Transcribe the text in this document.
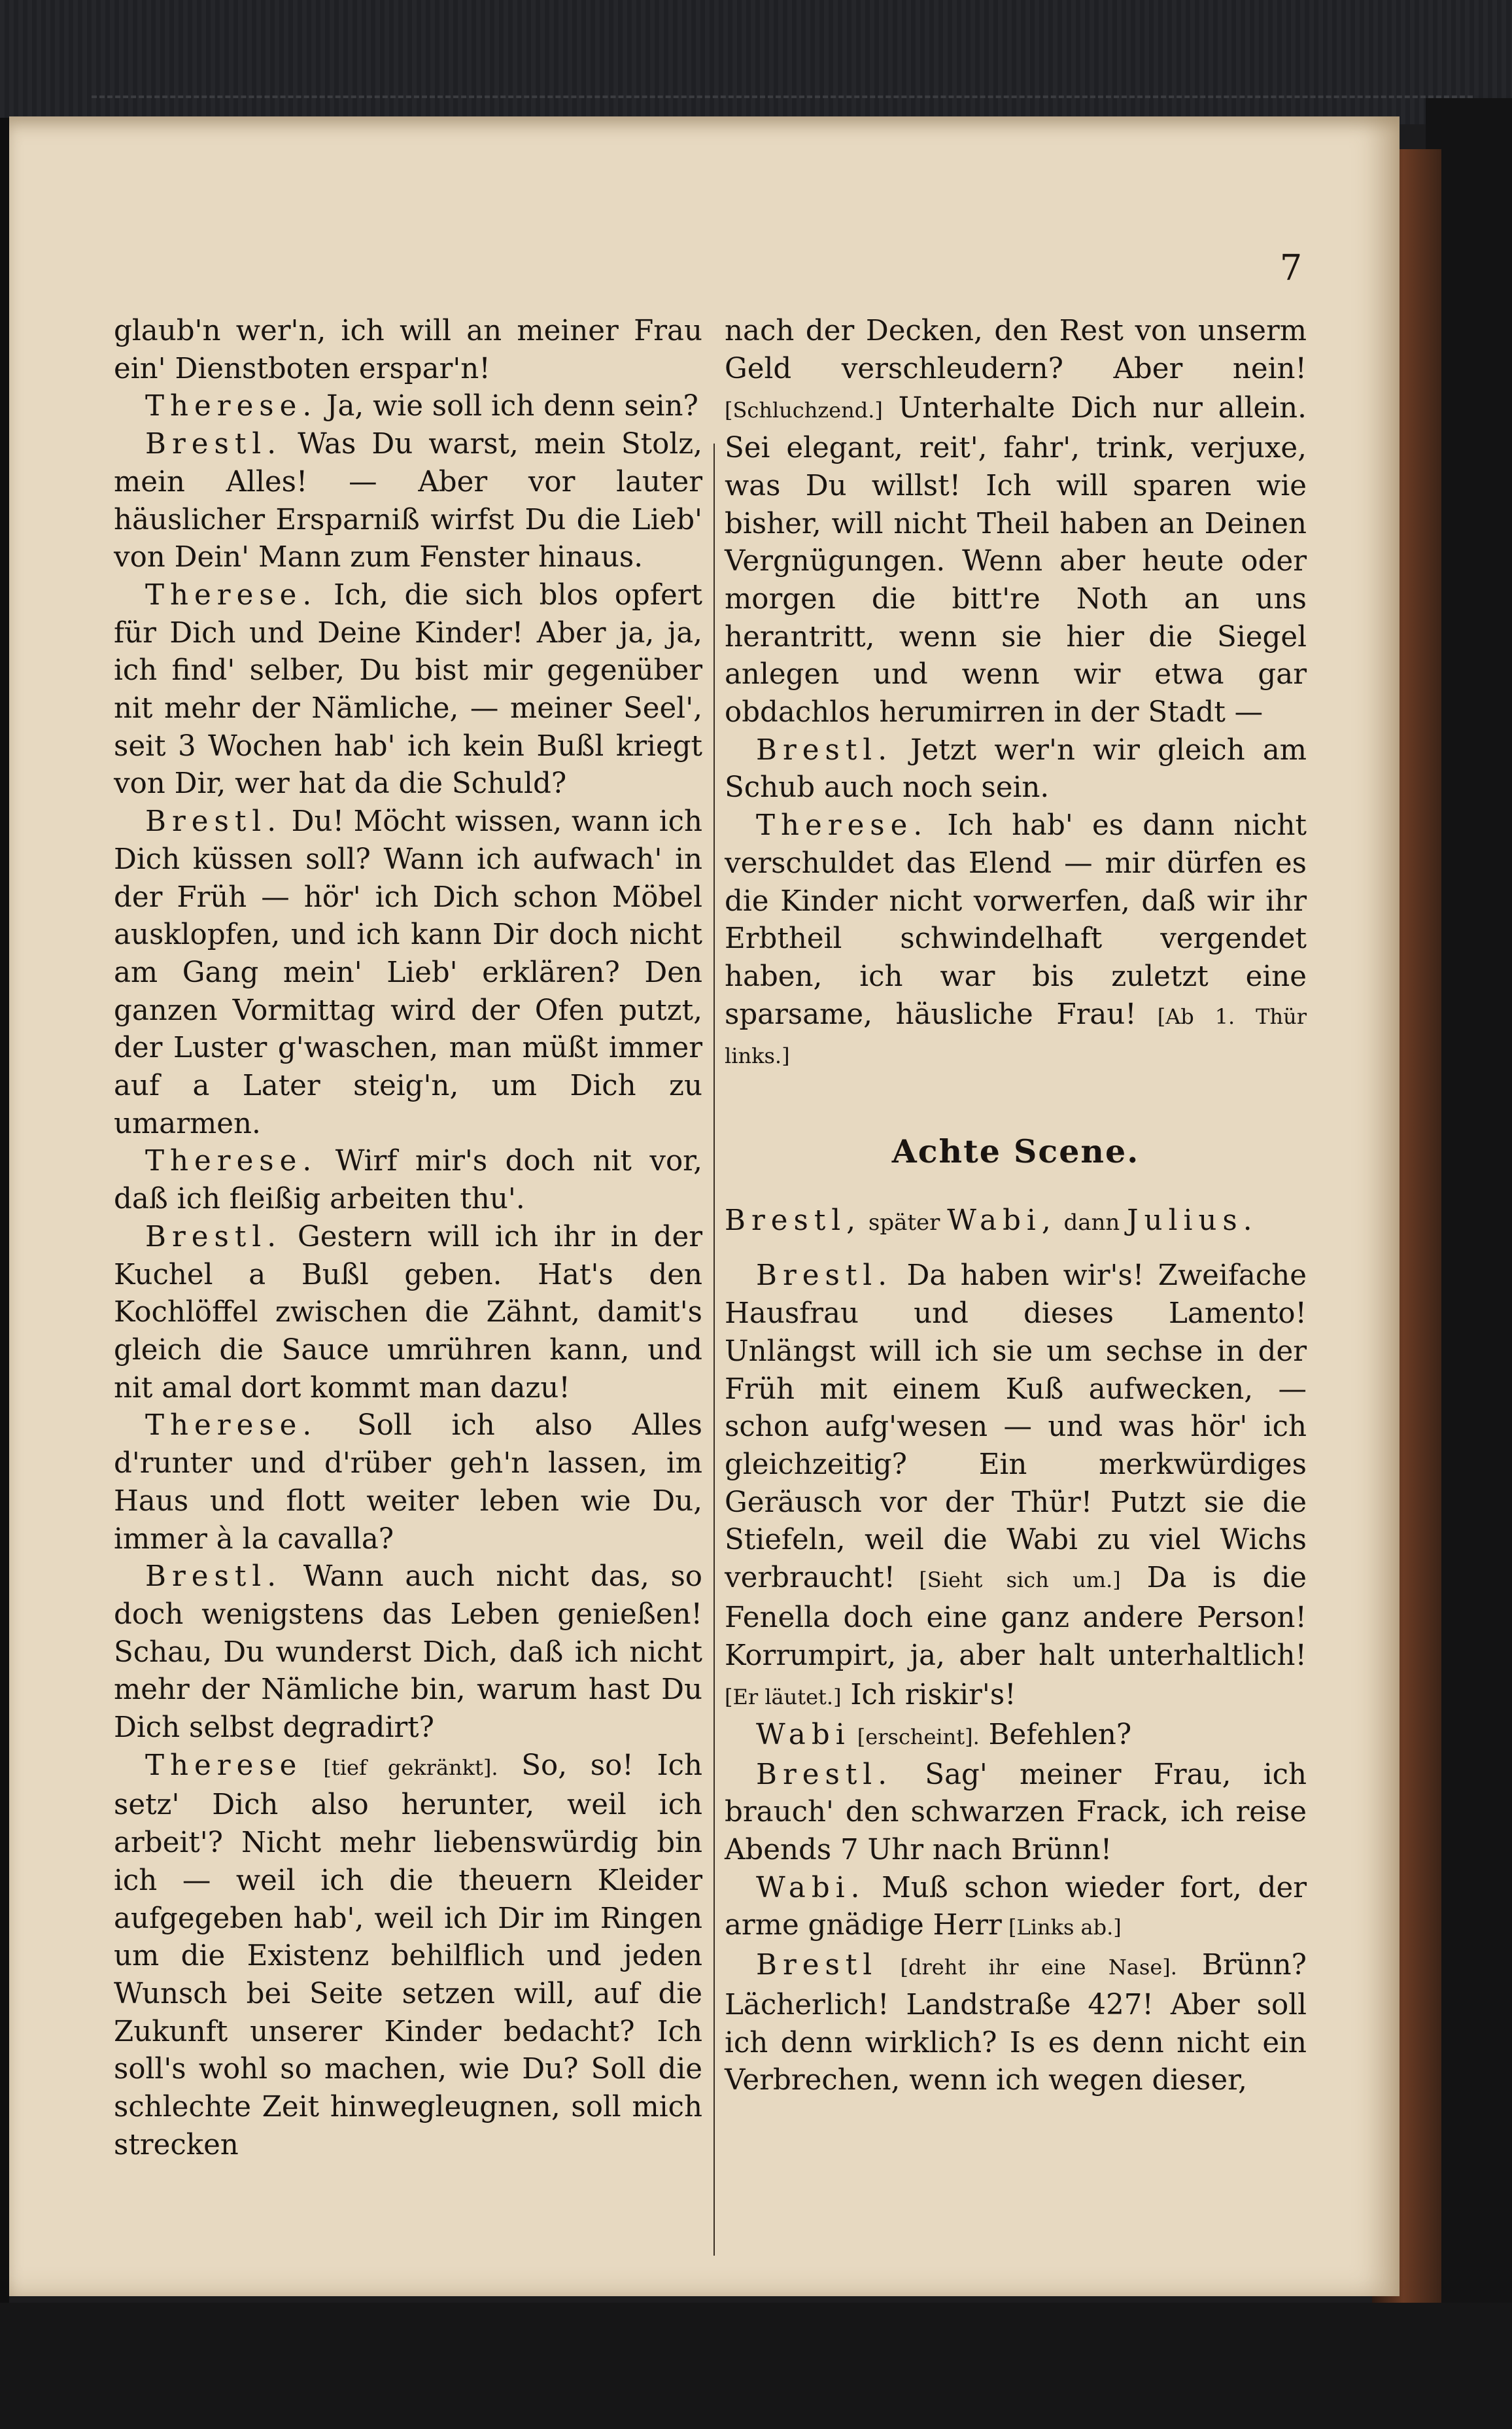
7

glaub'n wer'n, ich will an meiner Frau ein' Dienstboten erspar'n!

Therese. Ja, wie soll ich denn sein?

Brestl. Was Du warst, mein Stolz, mein Alles! — Aber vor lauter häuslicher Ersparniß wirfst Du die Lieb' von Dein' Mann zum Fenster hinaus.

Therese. Ich, die sich blos opfert für Dich und Deine Kinder! Aber ja, ja, ich find' selber, Du bist mir gegenüber nit mehr der Nämliche, — meiner Seel', seit 3 Wochen hab' ich kein Bußl kriegt von Dir, wer hat da die Schuld?

Brestl. Du! Möcht wissen, wann ich Dich küssen soll? Wann ich aufwach' in der Früh — hör' ich Dich schon Möbel ausklopfen, und ich kann Dir doch nicht am Gang mein' Lieb' erklären? Den ganzen Vormittag wird der Ofen putzt, der Luster g'waschen, man müßt immer auf a Later steig'n, um Dich zu umarmen.

Therese. Wirf mir's doch nit vor, daß ich fleißig arbeiten thu'.

Brestl. Gestern will ich ihr in der Kuchel a Bußl geben. Hat's den Kochlöffel zwischen die Zähnt, damit's gleich die Sauce umrühren kann, und nit amal dort kommt man dazu!

Therese. Soll ich also Alles d'runter und d'rüber geh'n lassen, im Haus und flott weiter leben wie Du, immer à la cavalla?

Brestl. Wann auch nicht das, so doch wenigstens das Leben genießen! Schau, Du wunderst Dich, daß ich nicht mehr der Nämliche bin, warum hast Du Dich selbst degradirt?

Therese [tief gekränkt]. So, so! Ich setz' Dich also herunter, weil ich arbeit'? Nicht mehr liebenswürdig bin ich — weil ich die theuern Kleider aufgegeben hab', weil ich Dir im Ringen um die Existenz behilflich und jeden Wunsch bei Seite setzen will, auf die Zukunft unserer Kinder bedacht? Ich soll's wohl so machen, wie Du? Soll die schlechte Zeit hinwegleugnen, soll mich strecken

nach der Decken, den Rest von unserm Geld verschleudern? Aber nein! [Schluchzend.] Unterhalte Dich nur allein. Sei elegant, reit', fahr', trink, verjuxe, was Du willst! Ich will sparen wie bisher, will nicht Theil haben an Deinen Vergnügungen. Wenn aber heute oder morgen die bitt're Noth an uns herantritt, wenn sie hier die Siegel anlegen und wenn wir etwa gar obdachlos herumirren in der Stadt —

Brestl. Jetzt wer'n wir gleich am Schub auch noch sein.

Therese. Ich hab' es dann nicht verschuldet das Elend — mir dürfen es die Kinder nicht vorwerfen, daß wir ihr Erbtheil schwindelhaft vergendet haben, ich war bis zuletzt eine sparsame, häusliche Frau! [Ab 1. Thür links.]

Achte Scene.

Brestl, später Wabi, dann Julius.

Brestl. Da haben wir's! Zweifache Hausfrau und dieses Lamento! Unlängst will ich sie um sechse in der Früh mit einem Kuß aufwecken, — schon aufg'wesen — und was hör' ich gleichzeitig? Ein merkwürdiges Geräusch vor der Thür! Putzt sie die Stiefeln, weil die Wabi zu viel Wichs verbraucht! [Sieht sich um.] Da is die Fenella doch eine ganz andere Person! Korrumpirt, ja, aber halt unterhaltlich! [Er läutet.] Ich riskir's!

Wabi [erscheint]. Befehlen?

Brestl. Sag' meiner Frau, ich brauch' den schwarzen Frack, ich reise Abends 7 Uhr nach Brünn!

Wabi. Muß schon wieder fort, der arme gnädige Herr [Links ab.]

Brestl [dreht ihr eine Nase]. Brünn? Lächerlich! Landstraße 427! Aber soll ich denn wirklich? Is es denn nicht ein Verbrechen, wenn ich wegen dieser,
